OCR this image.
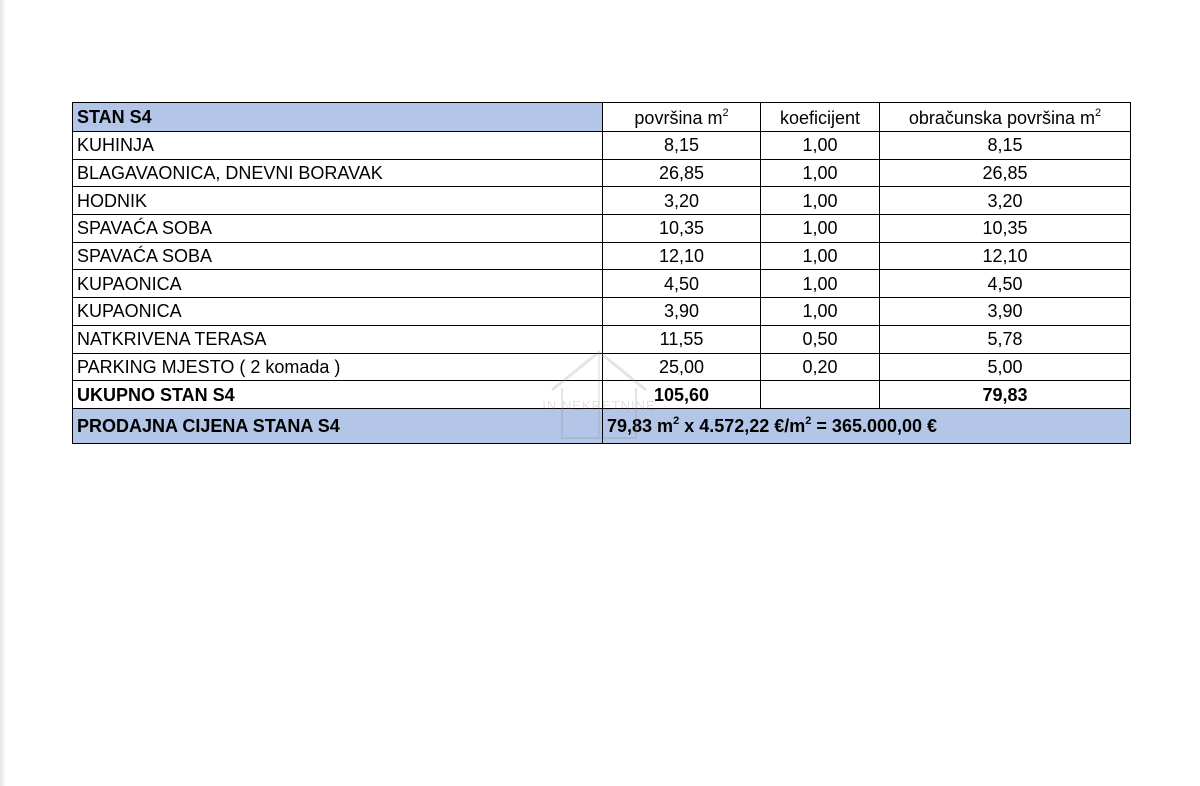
STAN S4	površina $m^2$	koeficijent	obračunska površina $m^2$
KUHINJA	8,15	1,00	8,15
BLAGAVAONICA, DNEVNI BORAVAK	26,85	1,00	26,85
HODNIK	3,20	1,00	3,20
SPAVAĆA SOBA	10,35	1,00	10,35
SPAVAĆA SOBA	12,10	1,00	12,10
KUPAONICA	4,50	1,00	4,50
KUPAONICA	3,90	1,00	3,90
NATKRIVENA TERASA	11,55	0,50	5,78
PARKING MJESTO ( 2 komada )	25,00	0,20	5,00
UKUPNO STAN S4	105,60		79,83
PRODAJNA CIJENA STANA S4	79,83 $m^2$ x 4.572,22 $€/m^2 = 365.000,00$ €		
IN NEKRETNINE
